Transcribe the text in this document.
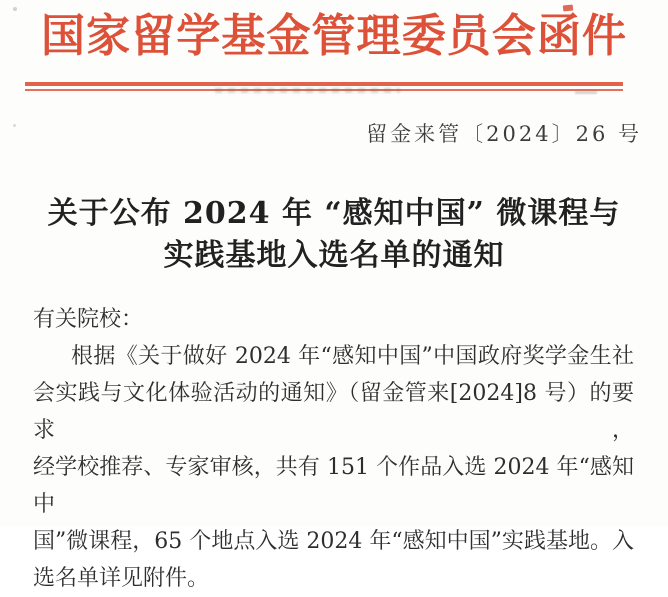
国家留学基金管理委员会函件
留金来管〔2024〕26 号
关于公布 2024 年 “感知中国” 微课程与
实践基地入选名单的通知
有关院校：
根据《关于做好 2024 年“感知中国”中国政府奖学金生社
会实践与文化体验活动的通知》（留金管来[2024]8 号）的要求，
经学校推荐、专家审核，共有 151 个作品入选 2024 年“感知中
国”微课程，65 个地点入选 2024 年“感知中国”实践基地。入
选名单详见附件。
